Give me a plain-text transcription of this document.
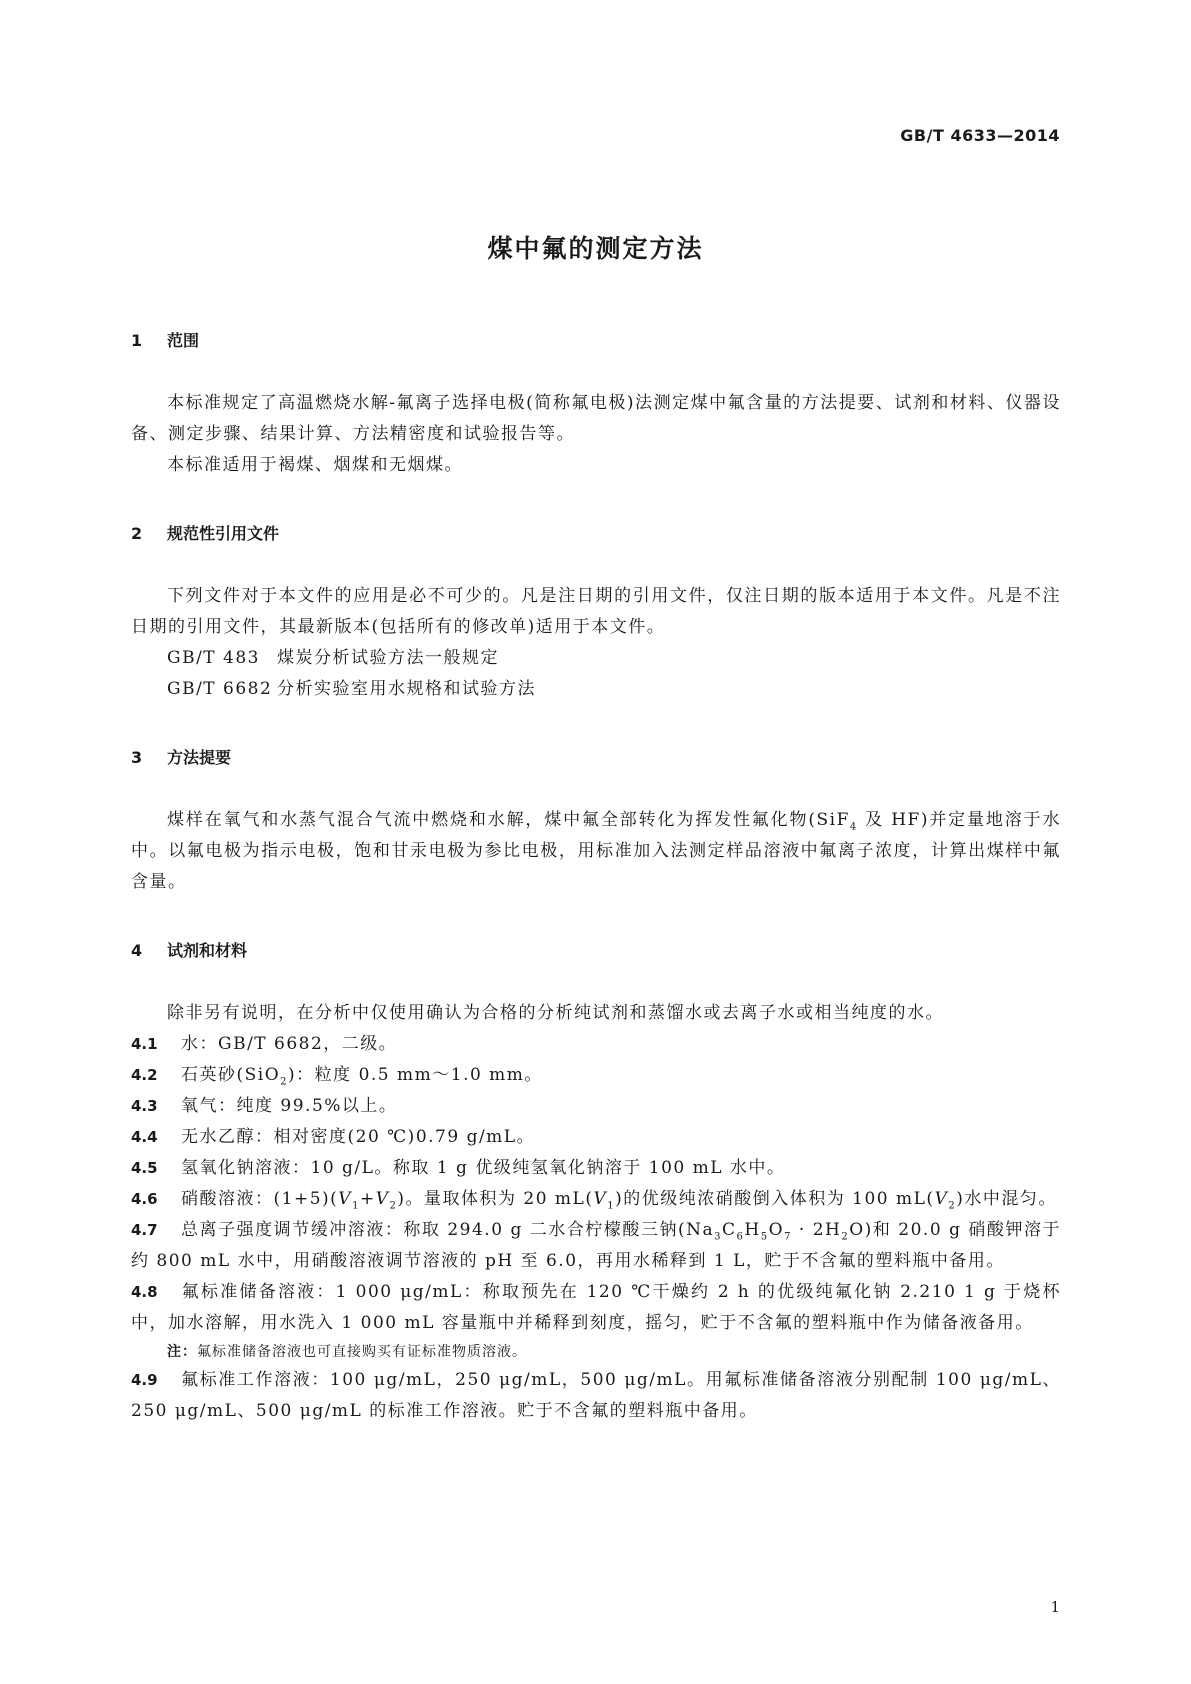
GB/T 4633—2014
煤中氟的测定方法
1 范围
本标准规定了高温燃烧水解-氟离子选择电极(简称氟电极)法测定煤中氟含量的方法提要、试剂和材料、仪器设备、测定步骤、结果计算、方法精密度和试验报告等。
本标准适用于褐煤、烟煤和无烟煤。
2 规范性引用文件
下列文件对于本文件的应用是必不可少的。凡是注日期的引用文件，仅注日期的版本适用于本文件。凡是不注日期的引用文件，其最新版本(包括所有的修改单)适用于本文件。
GB/T 483 煤炭分析试验方法一般规定
GB/T 6682 分析实验室用水规格和试验方法
3 方法提要
煤样在氧气和水蒸气混合气流中燃烧和水解，煤中氟全部转化为挥发性氟化物(SiF$_4$ 及 HF)并定量地溶于水中。以氟电极为指示电极，饱和甘汞电极为参比电极，用标准加入法测定样品溶液中氟离子浓度，计算出煤样中氟含量。
4 试剂和材料
除非另有说明，在分析中仅使用确认为合格的分析纯试剂和蒸馏水或去离子水或相当纯度的水。
4.1 水：GB/T 6682，二级。
4.2 石英砂(SiO$_2$)：粒度 0.5 mm～1.0 mm。
4.3 氧气：纯度 99.5%以上。
4.4 无水乙醇：相对密度(20 ℃)0.79 g/mL。
4.5 氢氧化钠溶液：10 g/L。称取 1 g 优级纯氢氧化钠溶于 100 mL 水中。
4.6 硝酸溶液：$(1+5)(V_1+V_2)$。量取体积为 20 $mL(V_1)$的优级纯浓硝酸倒入体积为 100 $mL(V_2)$水中混匀。
4.7 总离子强度调节缓冲溶液：称取 294.0 g 二水合柠檬酸三钠$(Na_3C_6H_5O_7 \cdot 2H_2O)$和 20.0 g 硝酸钾溶于约 800 mL 水中，用硝酸溶液调节溶液的 pH 至 6.0，再用水稀释到 1 L，贮于不含氟的塑料瓶中备用。
4.8 氟标准储备溶液：1 000 μg/mL：称取预先在 120 ℃干燥约 2 h 的优级纯氟化钠 2.210 1 g 于烧杯中，加水溶解，用水洗入 1 000 mL 容量瓶中并稀释到刻度，摇匀，贮于不含氟的塑料瓶中作为储备液备用。
注：氟标准储备溶液也可直接购买有证标准物质溶液。
4.9 氟标准工作溶液：100 μg/mL，250 μg/mL，500 μg/mL。用氟标准储备溶液分别配制 100 μg/mL、250 μg/mL、500 μg/mL 的标准工作溶液。贮于不含氟的塑料瓶中备用。
1
